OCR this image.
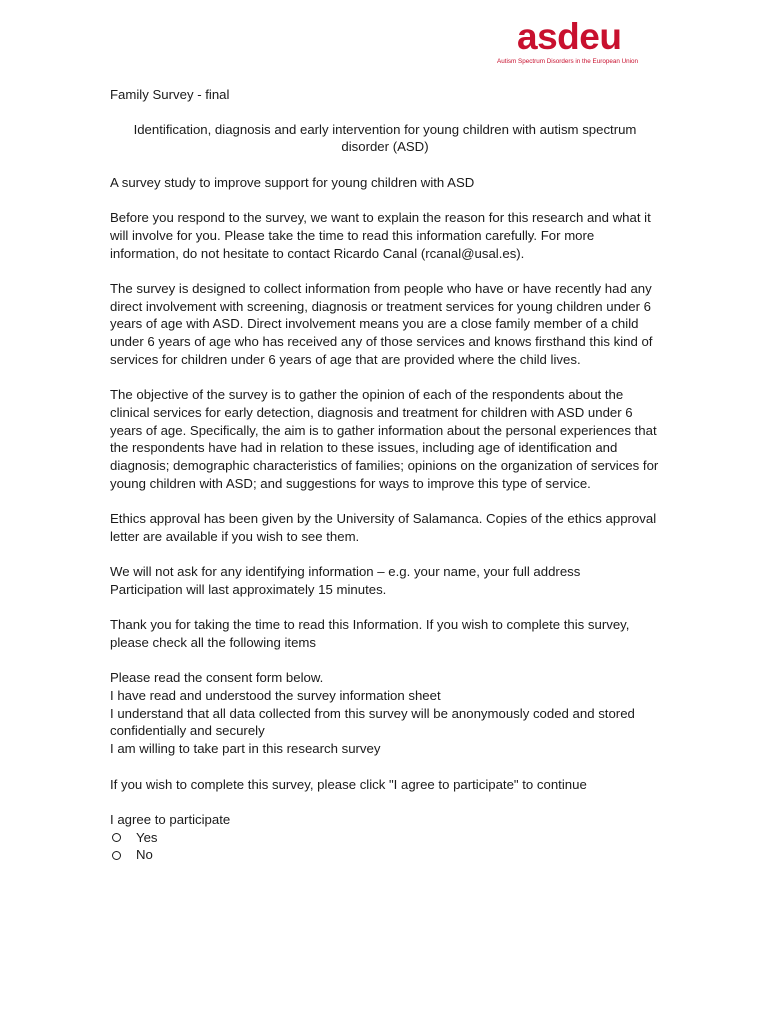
asdeu
Autism Spectrum Disorders in the European Union
Family Survey - final
Identification, diagnosis and early intervention for young children with autism spectrum disorder (ASD)
A survey study to improve support for young children with ASD
Before you respond to the survey, we want to explain the reason for this research and what it will involve for you. Please take the time to read this information carefully. For more information, do not hesitate to contact Ricardo Canal (rcanal@usal.es).
The survey is designed to collect information from people who have or have recently had any direct involvement with screening, diagnosis or treatment services for young children under 6 years of age with ASD. Direct involvement means you are a close family member of a child under 6 years of age who has received any of those services and knows firsthand this kind of services for children under 6 years of age that are provided where the child lives.
The objective of the survey is to gather the opinion of each of the respondents about the clinical services for early detection, diagnosis and treatment for children with ASD under 6 years of age. Specifically, the aim is to gather information about the personal experiences that the respondents have had in relation to these issues, including age of identification and diagnosis; demographic characteristics of families; opinions on the organization of services for young children with ASD; and suggestions for ways to improve this type of service.
Ethics approval has been given by the University of Salamanca. Copies of the ethics approval letter are available if you wish to see them.
We will not ask for any identifying information – e.g. your name, your full address
Participation will last approximately 15 minutes.
Thank you for taking the time to read this Information. If you wish to complete this survey, please check all the following items
Please read the consent form below.
I have read and understood the survey information sheet
I understand that all data collected from this survey will be anonymously coded and stored confidentially and securely
I am willing to take part in this research survey
If you wish to complete this survey, please click "I agree to participate" to continue
I agree to participate
Yes
No
